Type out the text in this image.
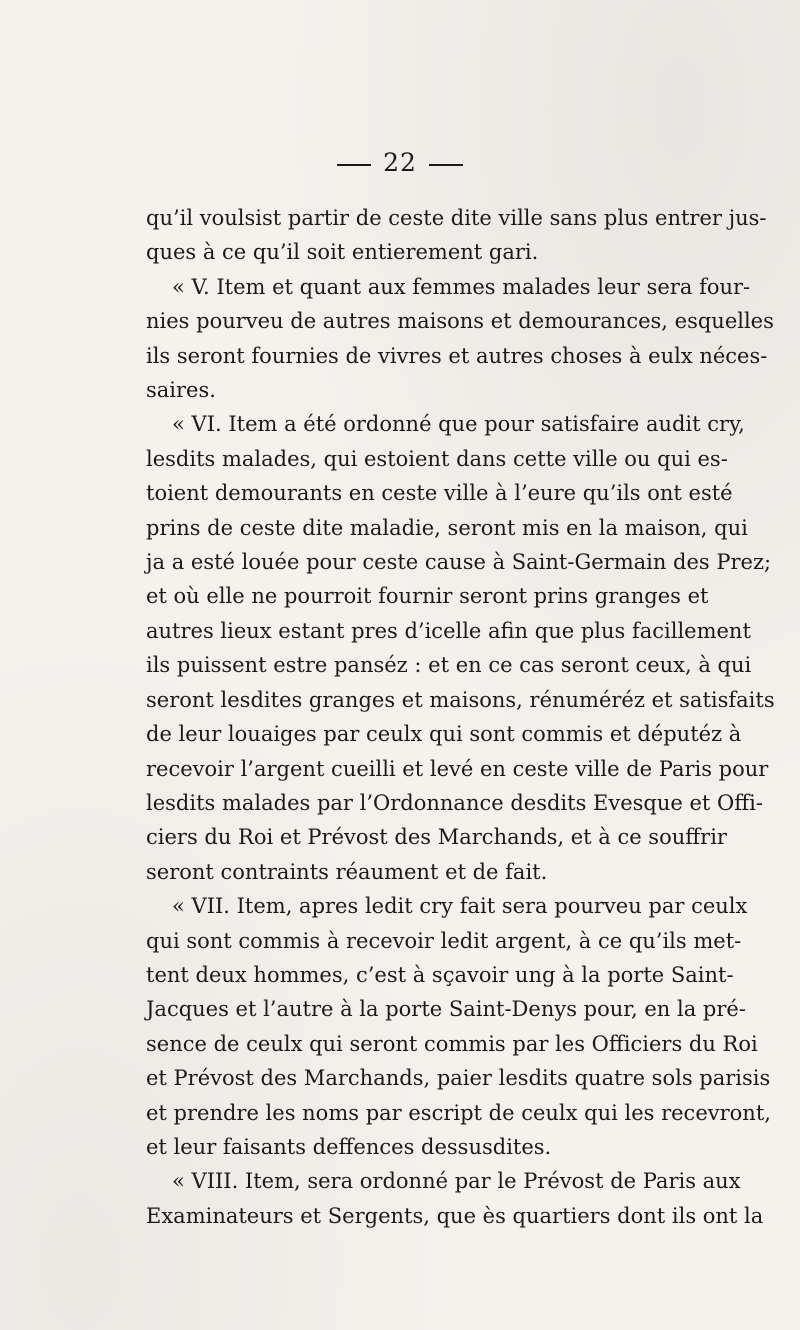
22
qu’il voulsist partir de ceste dite ville sans plus entrer jus-
ques à ce qu’il soit entierement gari.
« V. Item et quant aux femmes malades leur sera four-
nies pourveu de autres maisons et demourances, esquelles
ils seront fournies de vivres et autres choses à eulx néces-
saires.
« VI. Item a été ordonné que pour satisfaire audit cry,
lesdits malades, qui estoient dans cette ville ou qui es-
toient demourants en ceste ville à l’eure qu’ils ont esté
prins de ceste dite maladie, seront mis en la maison, qui
ja a esté louée pour ceste cause à Saint-Germain des Prez;
et où elle ne pourroit fournir seront prins granges et
autres lieux estant pres d’icelle afin que plus facillement
ils puissent estre panséz : et en ce cas seront ceux, à qui
seront lesdites granges et maisons, rénuméréz et satisfaits
de leur louaiges par ceulx qui sont commis et députéz à
recevoir l’argent cueilli et levé en ceste ville de Paris pour
lesdits malades par l’Ordonnance desdits Evesque et Offi-
ciers du Roi et Prévost des Marchands, et à ce souffrir
seront contraints réaument et de fait.
« VII. Item, apres ledit cry fait sera pourveu par ceulx
qui sont commis à recevoir ledit argent, à ce qu’ils met-
tent deux hommes, c’est à sçavoir ung à la porte Saint-
Jacques et l’autre à la porte Saint-Denys pour, en la pré-
sence de ceulx qui seront commis par les Officiers du Roi
et Prévost des Marchands, paier lesdits quatre sols parisis
et prendre les noms par escript de ceulx qui les recevront,
et leur faisants deffences dessusdites.
« VIII. Item, sera ordonné par le Prévost de Paris aux
Examinateurs et Sergents, que ès quartiers dont ils ont la
